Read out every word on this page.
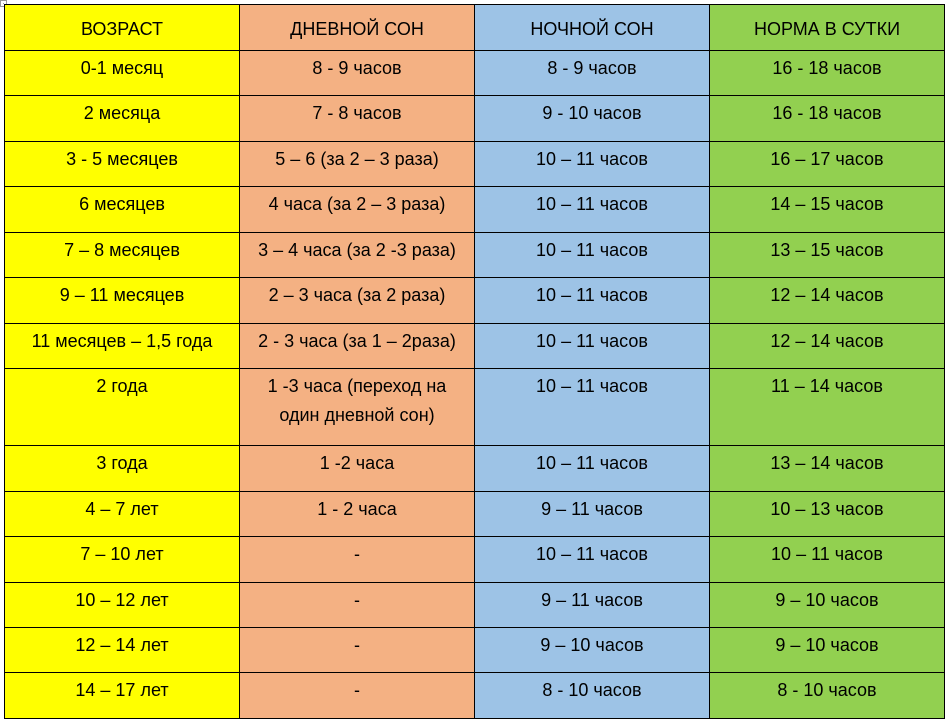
ВОЗРАСТ	ДНЕВНОЙ СОН	НОЧНОЙ СОН	НОРМА В СУТКИ
0-1 месяц	8 - 9 часов	8 - 9 часов	16 - 18 часов
2 месяца	7 - 8 часов	9 - 10 часов	16 - 18 часов
3 - 5 месяцев	5 – 6 (за 2 – 3 раза)	10 – 11 часов	16 – 17 часов
6 месяцев	4 часа (за 2 – 3 раза)	10 – 11 часов	14 – 15 часов
7 – 8 месяцев	3 – 4 часа (за 2 -3 раза)	10 – 11 часов	13 – 15 часов
9 – 11 месяцев	2 – 3 часа (за 2 раза)	10 – 11 часов	12 – 14 часов
11 месяцев – 1,5 года	2 - 3 часа (за 1 – 2раза)	10 – 11 часов	12 – 14 часов
2 года	1 -3 часа (переход на один дневной сон)	10 – 11 часов	11 – 14 часов
3 года	1 -2 часа	10 – 11 часов	13 – 14 часов
4 – 7 лет	1 - 2 часа	9 – 11 часов	10 – 13 часов
7 – 10 лет	-	10 – 11 часов	10 – 11 часов
10 – 12 лет	-	9 – 11 часов	9 – 10 часов
12 – 14 лет	-	9 – 10 часов	9 – 10 часов
14 – 17 лет	-	8 - 10 часов	8 - 10 часов
